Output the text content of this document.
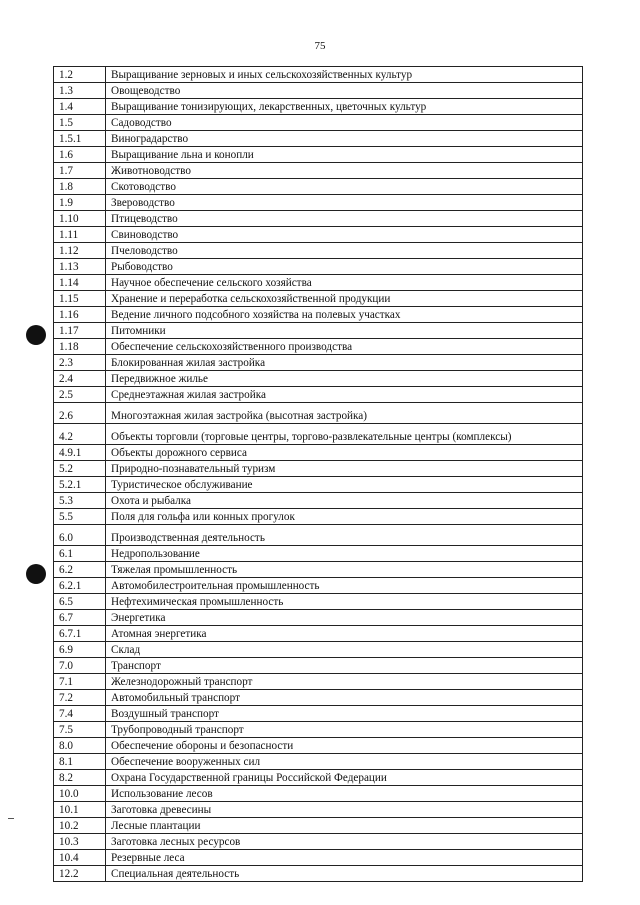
75
1.2	Выращивание зерновых и иных сельскохозяйственных культур
1.3	Овощеводство
1.4	Выращивание тонизирующих, лекарственных, цветочных культур
1.5	Садоводство
1.5.1	Виноградарство
1.6	Выращивание льна и конопли
1.7	Животноводство
1.8	Скотоводство
1.9	Звероводство
1.10	Птицеводство
1.11	Свиноводство
1.12	Пчеловодство
1.13	Рыбоводство
1.14	Научное обеспечение сельского хозяйства
1.15	Хранение и переработка сельскохозяйственной продукции
1.16	Ведение личного подсобного хозяйства на полевых участках
1.17	Питомники
1.18	Обеспечение сельскохозяйственного производства
2.3	Блокированная жилая застройка
2.4	Передвижное жилье
2.5	Среднеэтажная жилая застройка
2.6	Многоэтажная жилая застройка (высотная застройка)
4.2	Объекты торговли (торговые центры, торгово-развлекательные центры (комплексы)
4.9.1	Объекты дорожного сервиса
5.2	Природно-познавательный туризм
5.2.1	Туристическое обслуживание
5.3	Охота и рыбалка
5.5	Поля для гольфа или конных прогулок
6.0	Производственная деятельность
6.1	Недропользование
6.2	Тяжелая промышленность
6.2.1	Автомобилестроительная промышленность
6.5	Нефтехимическая промышленность
6.7	Энергетика
6.7.1	Атомная энергетика
6.9	Склад
7.0	Транспорт
7.1	Железнодорожный транспорт
7.2	Автомобильный транспорт
7.4	Воздушный транспорт
7.5	Трубопроводный транспорт
8.0	Обеспечение обороны и безопасности
8.1	Обеспечение вооруженных сил
8.2	Охрана Государственной границы Российской Федерации
10.0	Использование лесов
10.1	Заготовка древесины
10.2	Лесные плантации
10.3	Заготовка лесных ресурсов
10.4	Резервные леса
12.2	Специальная деятельность
